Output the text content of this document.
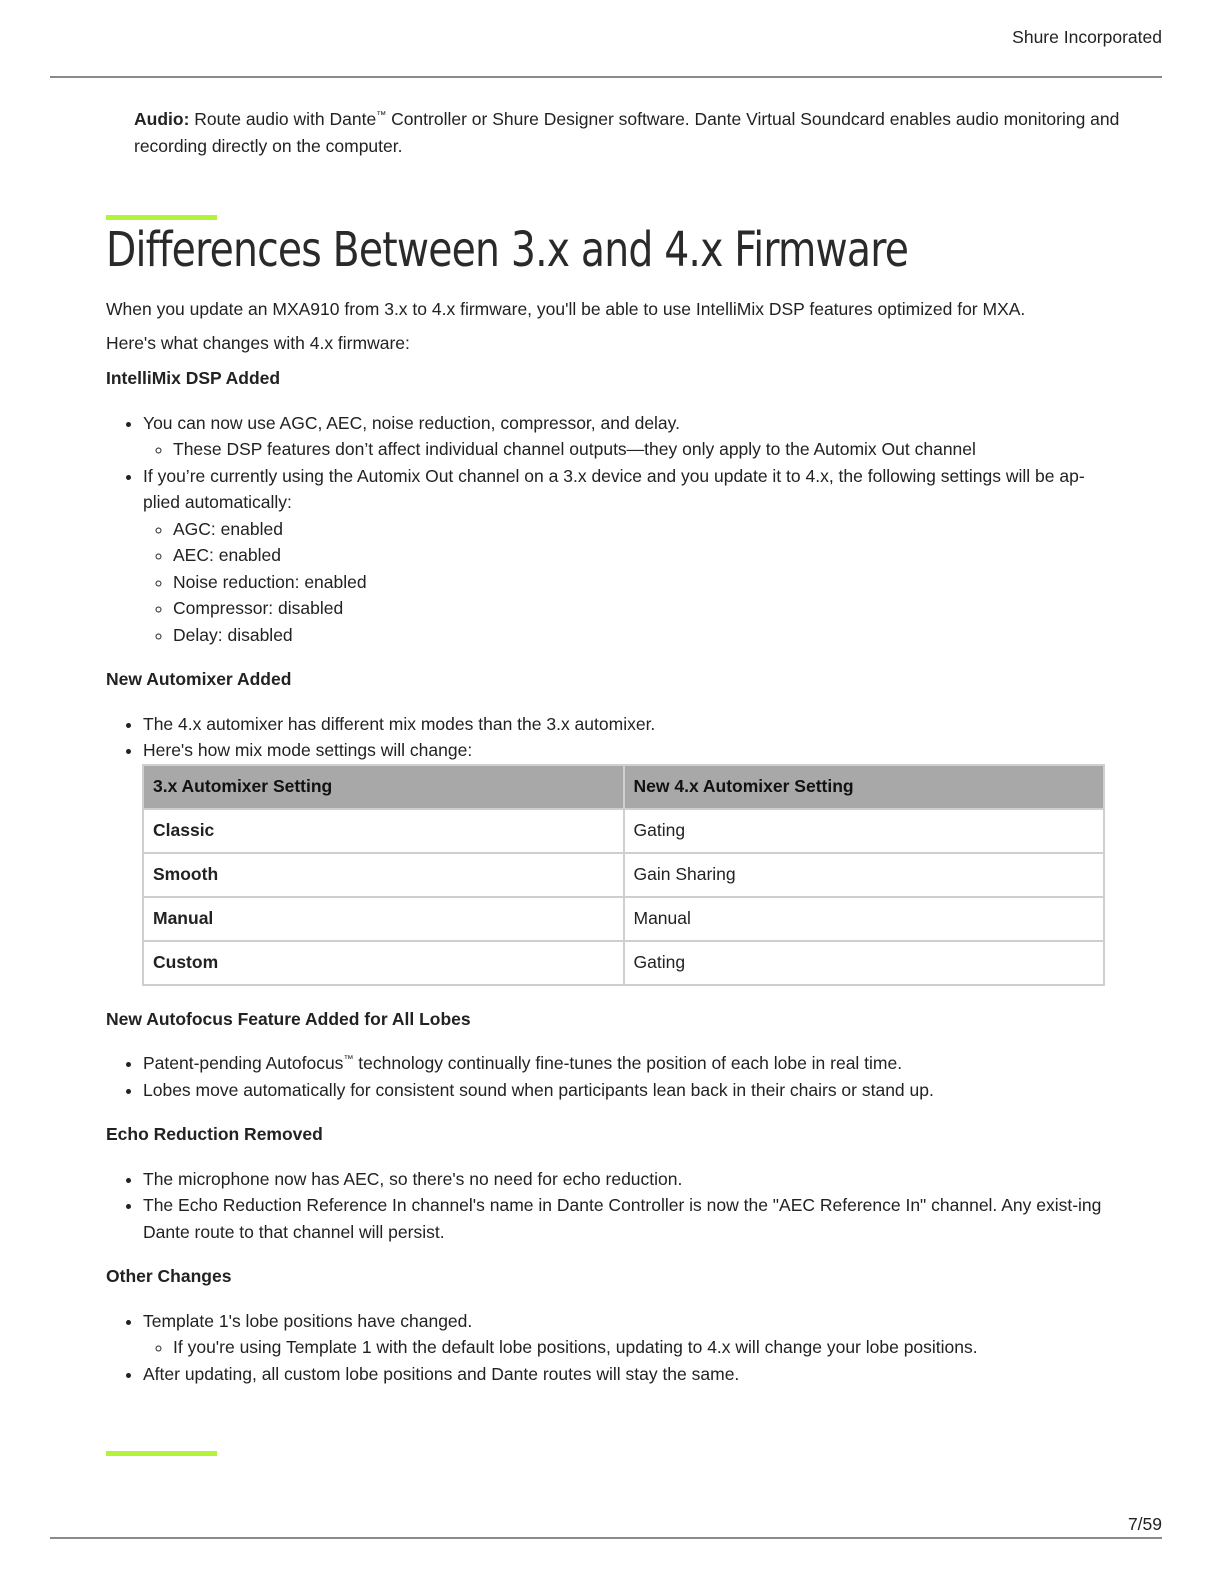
Shure Incorporated
Audio: Route audio with Dante™ Controller or Shure Designer software. Dante Virtual Soundcard enables audio monitoring and recording directly on the computer.
Differences Between 3.x and 4.x Firmware

When you update an MXA910 from 3.x to 4.x firmware, you'll be able to use IntelliMix DSP features optimized for MXA.

Here's what changes with 4.x firmware:

IntelliMix DSP Added
• You can now use AGC, AEC, noise reduction, compressor, and delay.
◦ These DSP features don’t affect individual channel outputs—they only apply to the Automix Out channel
• If you’re currently using the Automix Out channel on a 3.x device and you update it to 4.x, the following settings will be ap-plied automatically:
◦ AGC: enabled
◦ AEC: enabled
◦ Noise reduction: enabled
◦ Compressor: disabled
◦ Delay: disabled
New Automixer Added
• The 4.x automixer has different mix modes than the 3.x automixer.
• Here's how mix mode settings will change:
3.x Automixer Setting	New 4.x Automixer Setting
Classic	Gating
Smooth	Gain Sharing
Manual	Manual
Custom	Gating
New Autofocus Feature Added for All Lobes
• Patent-pending Autofocus™ technology continually fine-tunes the position of each lobe in real time.
• Lobes move automatically for consistent sound when participants lean back in their chairs or stand up.
Echo Reduction Removed
• The microphone now has AEC, so there's no need for echo reduction.
• The Echo Reduction Reference In channel's name in Dante Controller is now the "AEC Reference In" channel. Any exist-ing Dante route to that channel will persist.
Other Changes
• Template 1's lobe positions have changed.
◦ If you're using Template 1 with the default lobe positions, updating to 4.x will change your lobe positions.
• After updating, all custom lobe positions and Dante routes will stay the same.
7/59
